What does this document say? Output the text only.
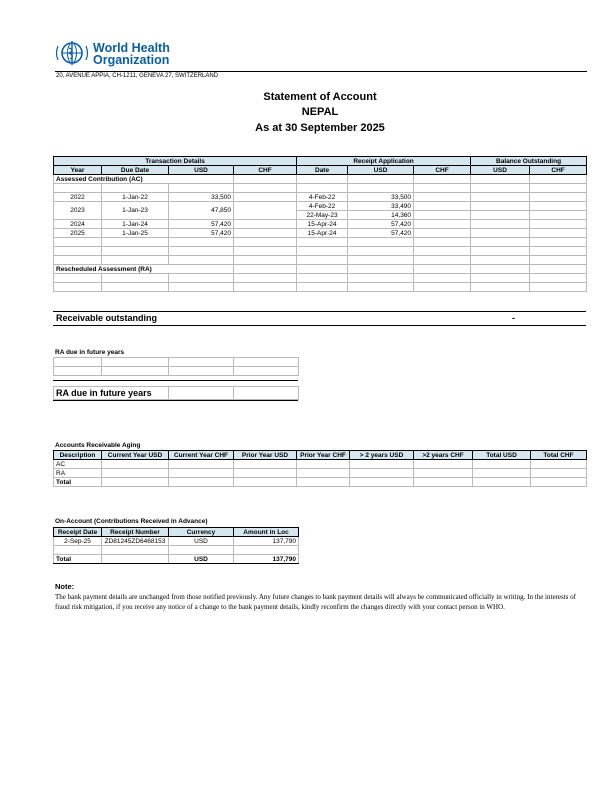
World Health
Organization
20, AVENUE APPIA, CH-1211, GENEVA 27, SWITZERLAND
Statement of Account
NEPAL
As at 30 September 2025
Transaction Details				Receipt Application			Balance Outstanding	
Year	Due Date	USD	CHF	Date	USD	CHF	USD	CHF
Assessed Contribution (AC)								

2022	1-Jan-22	33,500		4-Feb-22	33,500			
2023	1-Jan-23	47,850		4-Feb-22	33,490			
				22-May-23	14,360			
2024	1-Jan-24	57,420		15-Apr-24	57,420			
2025	1-Jan-25	57,420		15-Apr-24	57,420			

Rescheduled Assessment (RA)								

Receivable outstanding	-
RA due in future years

RA due in future years		
Accounts Receivable Aging
Description	Current Year USD	Current Year CHF	Prior Year USD	Prior Year CHF	> 2 years USD	>2 years CHF	Total USD	Total CHF
AC								
RA								
Total								
On-Account (Contributions Received in Advance)
Receipt Date	Receipt Number	Currency	Amount in Loc
2-Sep-25	ZD81245ZD6468153	USD	137,790

Total		USD	137,790
Note:
The bank payment details are unchanged from those notified previously. Any future changes to bank payment details will always be communicated officially in writing. In the interests of fraud risk mitigation, if you receive any notice of a change to the bank payment details, kindly reconfirm the changes directly with your contact person in WHO.
